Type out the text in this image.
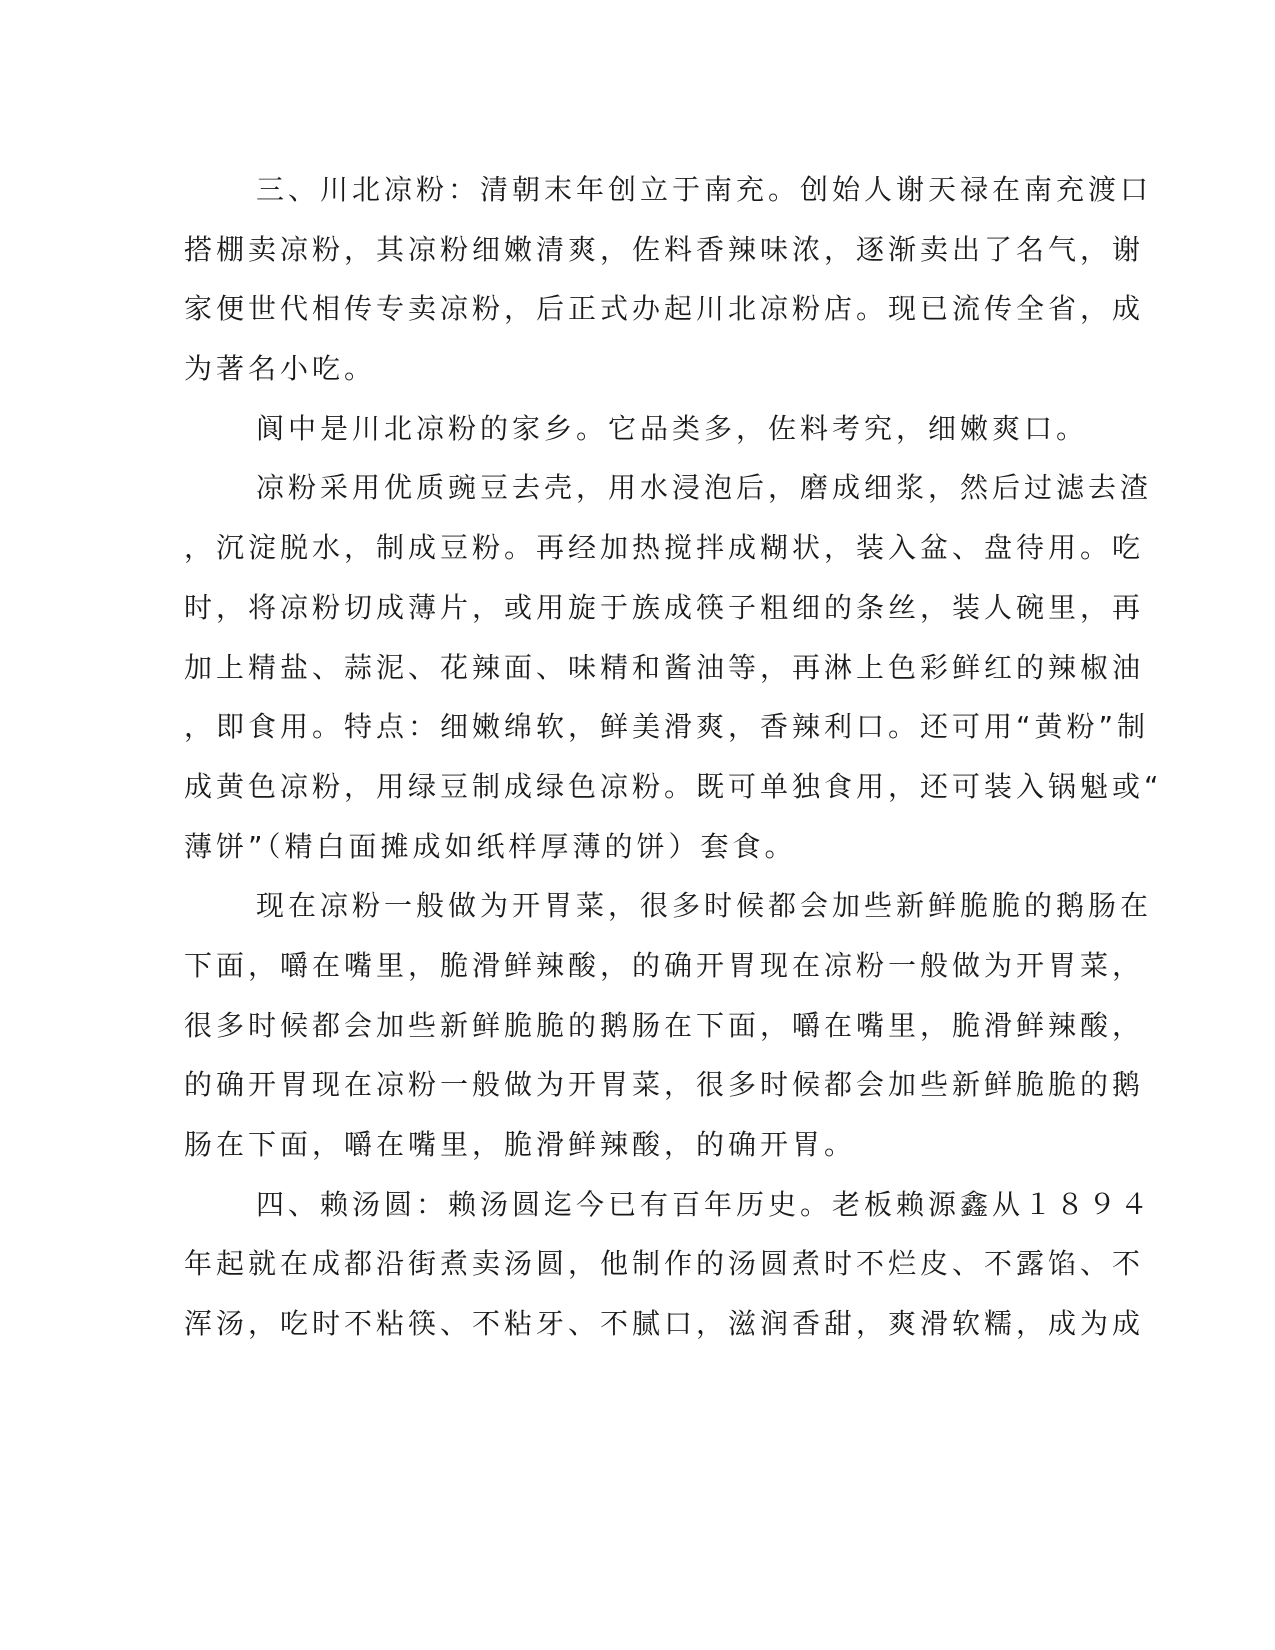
三、川北凉粉：清朝末年创立于南充。创始人谢天禄在南充渡口
搭棚卖凉粉，其凉粉细嫩清爽，佐料香辣味浓，逐渐卖出了名气，谢
家便世代相传专卖凉粉，后正式办起川北凉粉店。现已流传全省，成
为著名小吃。
阆中是川北凉粉的家乡。它品类多，佐料考究，细嫩爽口。
凉粉采用优质豌豆去壳，用水浸泡后，磨成细浆，然后过滤去渣
，沉淀脱水，制成豆粉。再经加热搅拌成糊状，装入盆、盘待用。吃
时，将凉粉切成薄片，或用旋于族成筷子粗细的条丝，装人碗里，再
加上精盐、蒜泥、花辣面、味精和酱油等，再淋上色彩鲜红的辣椒油
，即食用。特点：细嫩绵软，鲜美滑爽，香辣利口。还可用“黄粉”制
成黄色凉粉，用绿豆制成绿色凉粉。既可单独食用，还可装入锅魁或“
薄饼”（精白面摊成如纸样厚薄的饼）套食。
现在凉粉一般做为开胃菜，很多时候都会加些新鲜脆脆的鹅肠在
下面，嚼在嘴里，脆滑鲜辣酸，的确开胃现在凉粉一般做为开胃菜，
很多时候都会加些新鲜脆脆的鹅肠在下面，嚼在嘴里，脆滑鲜辣酸，
的确开胃现在凉粉一般做为开胃菜，很多时候都会加些新鲜脆脆的鹅
肠在下面，嚼在嘴里，脆滑鲜辣酸，的确开胃。
四、赖汤圆：赖汤圆迄今已有百年历史。老板赖源鑫从１８９４
年起就在成都沿街煮卖汤圆，他制作的汤圆煮时不烂皮、不露馅、不
浑汤，吃时不粘筷、不粘牙、不腻口，滋润香甜，爽滑软糯，成为成
